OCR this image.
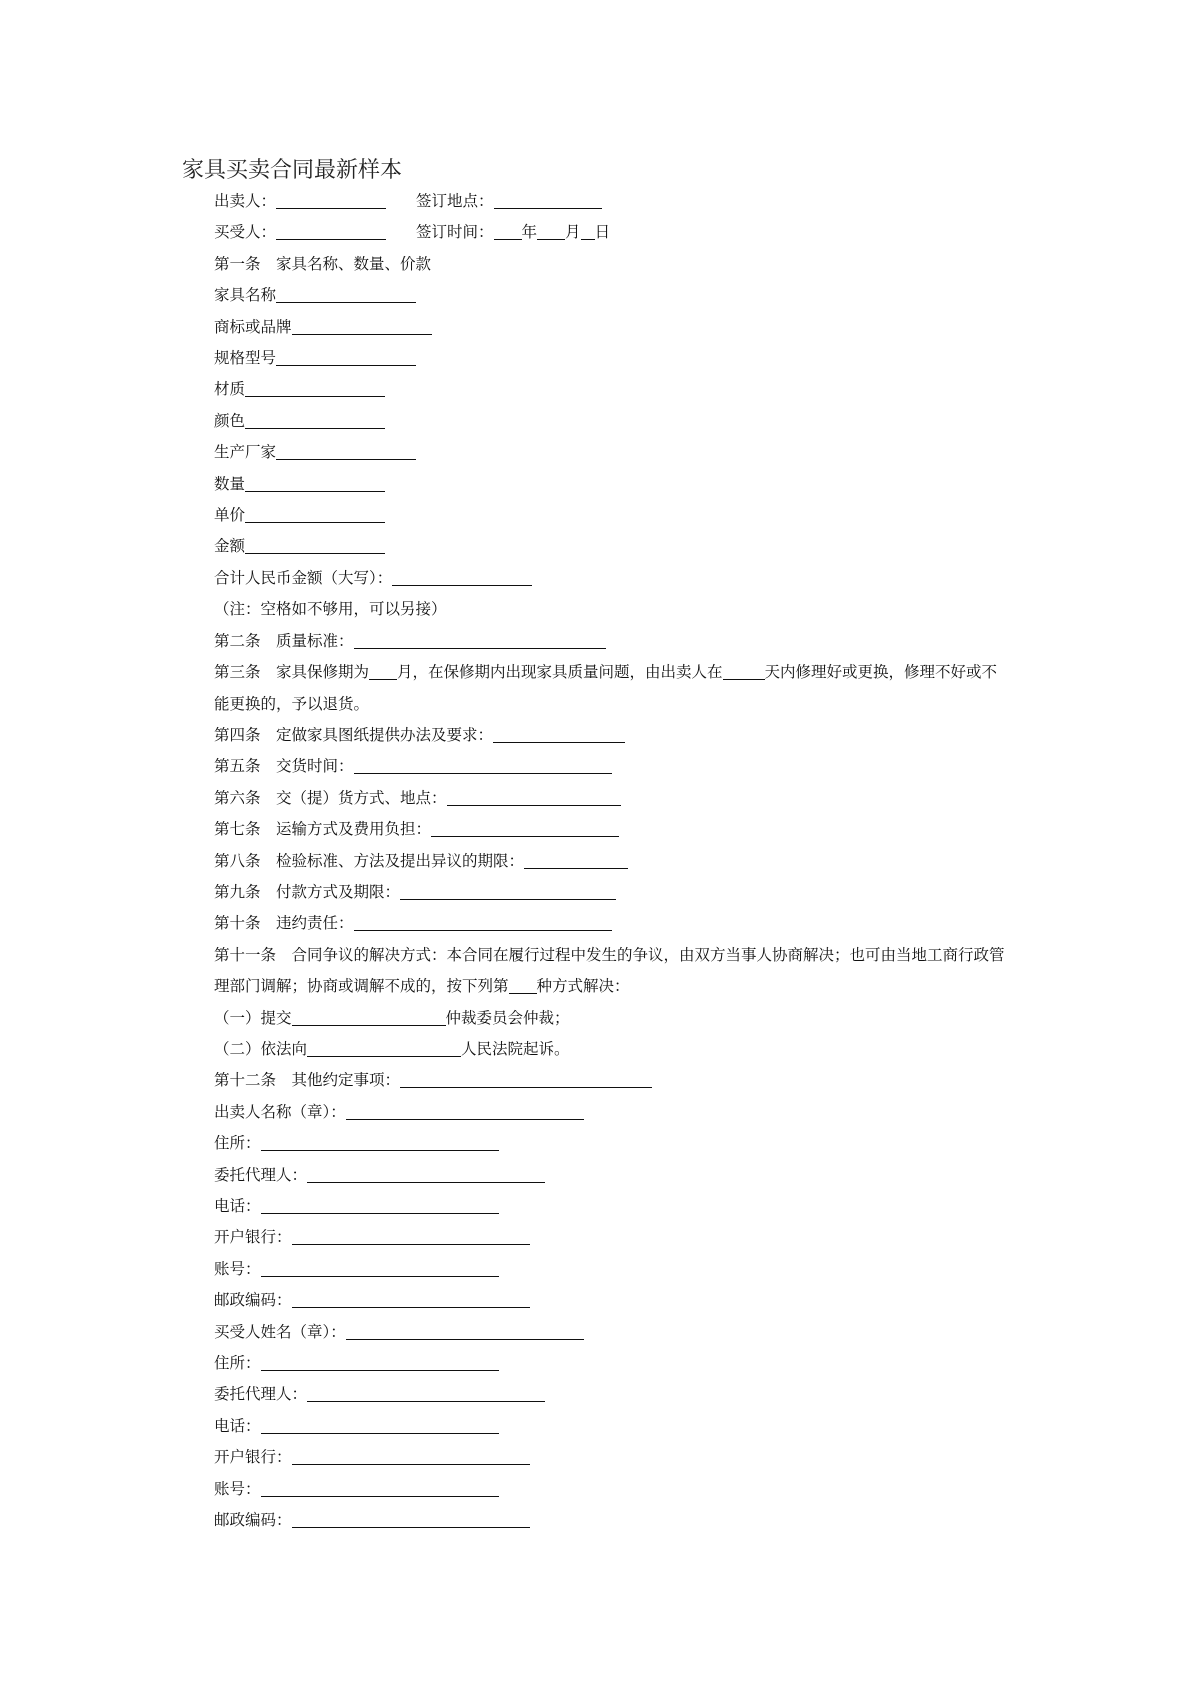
家具买卖合同最新样本

出卖人：	签订地点：

买受人：	签订时间： 年 月 日

第一条　家具名称、数量、价款

家具名称

商标或品牌

规格型号

材质

颜色

生产厂家

数量

单价

金额

合计人民币金额（大写）：

（注：空格如不够用，可以另接）

第二条　质量标准：

第三条　家具保修期为 月，在保修期内出现家具质量问题，由出卖人在	天内修理好或更换，修理不好或不能更换的，予以退货。

第四条　定做家具图纸提供办法及要求：

第五条　交货时间：

第六条　交（提）货方式、地点：

第七条　运输方式及费用负担：

第八条　检验标准、方法及提出异议的期限：

第九条　付款方式及期限：

第十条　违约责任：

第十一条　合同争议的解决方式：本合同在履行过程中发生的争议，由双方当事人协商解决；也可由当地工商行政管理部门调解；协商或调解不成的，按下列第 种方式解决：

（一）提交	仲裁委员会仲裁；

（二）依法向	人民法院起诉。

第十二条　其他约定事项：

出卖人名称（章）：

住所：

委托代理人：

电话：

开户银行：

账号：

邮政编码：

买受人姓名（章）：

住所：

委托代理人：

电话：

开户银行：

账号：

邮政编码：
